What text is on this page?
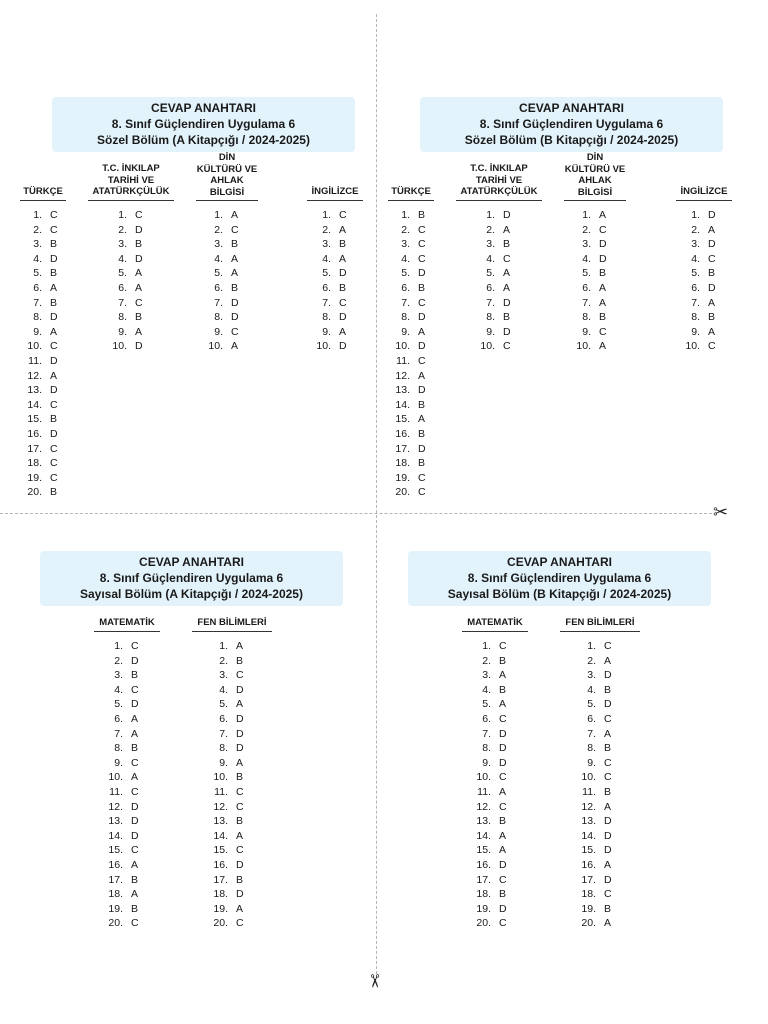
✂
✂
CEVAP ANAHTARI
8. Sınıf Güçlendiren Uygulama 6
Sözel Bölüm (A Kitapçığı / 2024-2025)
TÜRKÇE
1. C
2. C
3. B
4. D
5. B
6. A
7. B
8. D
9. A
10. C
11. D
12. A
13. D
14. C
15. B
16. D
17. C
18. C
19. C
20. B
T.C. İNKILAP TARİHİ VE ATATÜRKÇÜLÜK
1. C
2. D
3. B
4. D
5. A
6. A
7. C
8. B
9. A
10. D
DİN KÜLTÜRÜ VE AHLAK BİLGİSİ
1. A
2. C
3. B
4. A
5. A
6. B
7. D
8. D
9. C
10. A
İNGİLİZCE
1. C
2. A
3. B
4. A
5. D
6. B
7. C
8. D
9. A
10. D
CEVAP ANAHTARI
8. Sınıf Güçlendiren Uygulama 6
Sözel Bölüm (B Kitapçığı / 2024-2025)
TÜRKÇE
1. B
2. C
3. C
4. C
5. D
6. B
7. C
8. D
9. A
10. D
11. C
12. A
13. D
14. B
15. A
16. B
17. D
18. B
19. C
20. C
T.C. İNKILAP TARİHİ VE ATATÜRKÇÜLÜK
1. D
2. A
3. B
4. C
5. A
6. A
7. D
8. B
9. D
10. C
DİN KÜLTÜRÜ VE AHLAK BİLGİSİ
1. A
2. C
3. D
4. D
5. B
6. A
7. A
8. B
9. C
10. A
İNGİLİZCE
1. D
2. A
3. D
4. C
5. B
6. D
7. A
8. B
9. A
10. C
CEVAP ANAHTARI
8. Sınıf Güçlendiren Uygulama 6
Sayısal Bölüm (A Kitapçığı / 2024-2025)
MATEMATİK
1. C
2. D
3. B
4. C
5. D
6. A
7. A
8. B
9. C
10. A
11. C
12. D
13. D
14. D
15. C
16. A
17. B
18. A
19. B
20. C
FEN BİLİMLERİ
1. A
2. B
3. C
4. D
5. A
6. D
7. D
8. D
9. A
10. B
11. C
12. C
13. B
14. A
15. C
16. D
17. B
18. D
19. A
20. C
CEVAP ANAHTARI
8. Sınıf Güçlendiren Uygulama 6
Sayısal Bölüm (B Kitapçığı / 2024-2025)
MATEMATİK
1. C
2. B
3. A
4. B
5. A
6. C
7. D
8. D
9. D
10. C
11. A
12. C
13. B
14. A
15. A
16. D
17. C
18. B
19. D
20. C
FEN BİLİMLERİ
1. C
2. A
3. D
4. B
5. D
6. C
7. A
8. B
9. C
10. C
11. B
12. A
13. D
14. D
15. D
16. A
17. D
18. C
19. B
20. A
